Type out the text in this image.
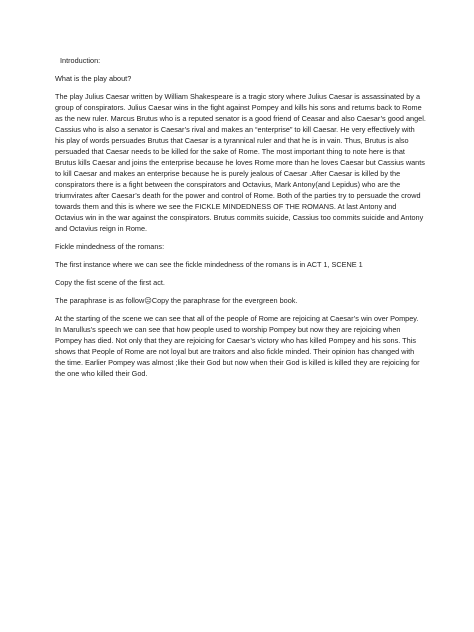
Introduction:

What is the play about?

The play Julius Caesar written by William Shakespeare is a tragic story where Julius Caesar is assassinated by a group of conspirators. Julius Caesar wins in the fight against Pompey and kills his sons and returns back to Rome as the new ruler. Marcus Brutus who is a reputed senator is a good friend of Ceasar and also Caesar’s good angel. Cassius who is also a senator is Caesar’s rival and makes an “enterprise” to kill Caesar. He very effectively with his play of words persuades Brutus that Caesar is a tyrannical ruler and that he is in vain. Thus, Brutus is also persuaded that Caesar needs to be killed for the sake of Rome. The most important thing to note here is that Brutus kills Caesar and joins the enterprise because he loves Rome more than he loves Caesar but Cassius wants to kill Caesar and makes an enterprise because he is purely jealous of Caesar .After Caesar is killed by the conspirators there is a fight between the conspirators and Octavius, Mark Antony(and Lepidus) who are the triumvirates after Caesar’s death for the power and control of Rome. Both of the parties try to persuade the crowd towards them and this is where we see the FICKLE MINDEDNESS OF THE ROMANS. At last Antony and Octavius win in the war against the conspirators. Brutus commits suicide, Cassius too commits suicide and Antony and Octavius reign in Rome.

Fickle mindedness of the romans:

The first instance where we can see the fickle mindedness of the romans is in ACT 1, SCENE 1

Copy the fist scene of the first act.

The paraphrase is as follow☹Copy the paraphrase for the evergreen book.

At the starting of the scene we can see that all of the people of Rome are rejoicing at Caesar’s win over Pompey. In Marullus’s speech we can see that how people used to worship Pompey but now they are rejoicing when Pompey has died. Not only that they are rejoicing for Caesar’s victory who has killed Pompey and his sons. This shows that People of Rome are not loyal but are traitors and also fickle minded. Their opinion has changed with the time. Earlier Pompey was almost ;like their God but now when their God is killed is killed they are rejoicing for the one who killed their God.
